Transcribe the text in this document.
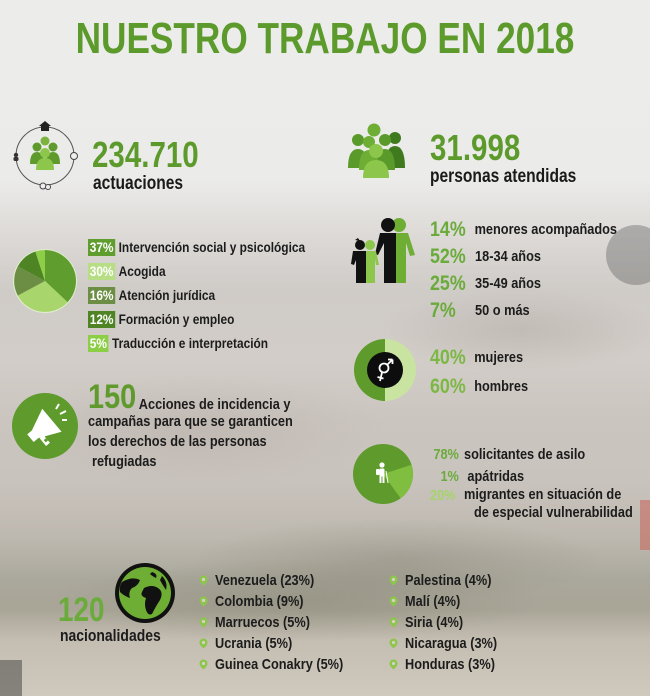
NUESTRO TRABAJO EN 2018
234.710
actuaciones
37% Intervención social y psicológica
30% Acogida
16% Atención jurídica
12% Formación y empleo
5% Traducción e interpretación
150 Acciones de incidencia y
campañas para que se garanticen
los derechos de las personas
refugiadas
31.998
personas atendidas
14% menores acompañados
52% 18-34 años
25% 35-49 años
7%	50 o más
40% mujeres
60% hombres
78% solicitantes de asilo
1% apátridas
20% migrantes en situación de
de especial vulnerabilidad
120
nacionalidades
Venezuela (23%)
Colombia (9%)
Marruecos (5%)
Ucrania (5%)
Guinea Conakry (5%)
Palestina (4%)
Malí (4%)
Siria (4%)
Nicaragua (3%)
Honduras (3%)
